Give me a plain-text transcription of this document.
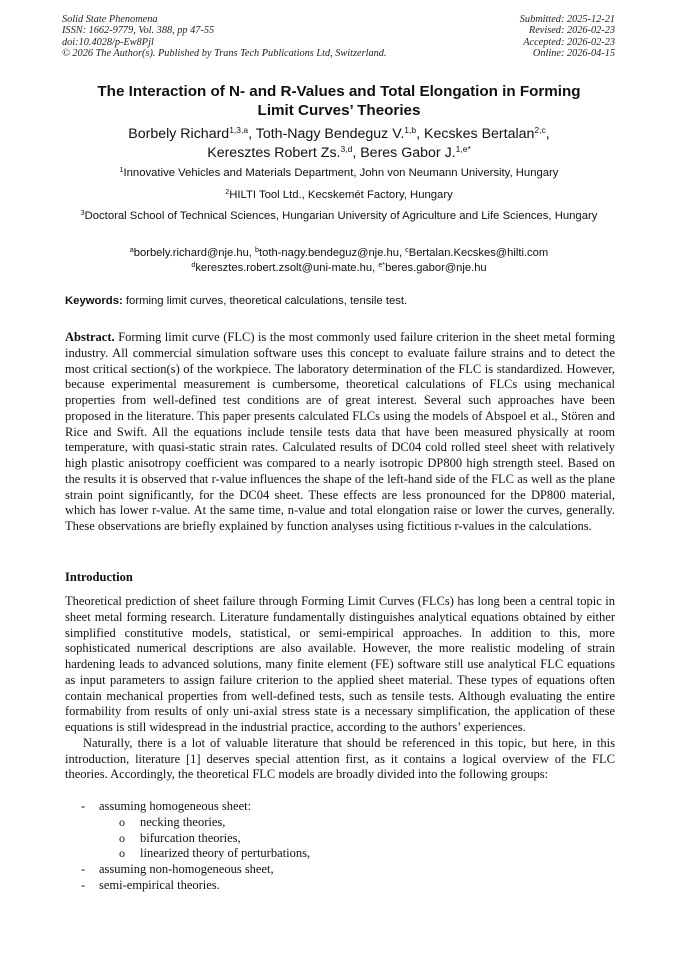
Solid State Phenomena
ISSN: 1662-9779, Vol. 388, pp 47-55
doi:10.4028/p-Ew8Pjl
© 2026 The Author(s). Published by Trans Tech Publications Ltd, Switzerland.
Submitted: 2025-12-21
Revised: 2026-02-23
Accepted: 2026-02-23
Online: 2026-04-15
The Interaction of N- and R-Values and Total Elongation in Forming
Limit Curves’ Theories
Borbely Richard$^{1,3,a}$, Toth-Nagy Bendeguz V.$^{1,b}$, Kecskes Bertalan$^{2,c}$,
Keresztes Robert Zs.$^{3,d}$, Beres Gabor J.$^{1,e*}$
$^1$Innovative Vehicles and Materials Department, John von Neumann University, Hungary
$^2$HILTI Tool Ltd., Kecskemét Factory, Hungary
$^3$Doctoral School of Technical Sciences, Hungarian University of Agriculture and Life Sciences, Hungary
$^a$borbely.richard@nje.hu, $^b$toth-nagy.bendeguz@nje.hu, $^c$Bertalan.Kecskes@hilti.com
$^d$keresztes.robert.zsolt@uni-mate.hu, $^{e*}$beres.gabor@nje.hu
Keywords: forming limit curves, theoretical calculations, tensile test.
Abstract. Forming limit curve (FLC) is the most commonly used failure criterion in the sheet metal forming industry. All commercial simulation software uses this concept to evaluate failure strains and to detect the most critical section(s) of the workpiece. The laboratory determination of the FLC is standardized. However, because experimental measurement is cumbersome, theoretical calculations of FLCs using mechanical properties from well-defined test conditions are of great interest. Several such approaches have been proposed in the literature. This paper presents calculated FLCs using the models of Abspoel et al., Stören and Rice and Swift. All the equations include tensile tests data that have been measured physically at room temperature, with quasi-static strain rates. Calculated results of DC04 cold rolled steel sheet with relatively high plastic anisotropy coefficient was compared to a nearly isotropic DP800 high strength steel. Based on the results it is observed that r-value influences the shape of the left-hand side of the FLC as well as the plane strain point significantly, for the DC04 sheet. These effects are less pronounced for the DP800 material, which has lower r-value. At the same time, n-value and total elongation raise or lower the curves, generally. These observations are briefly explained by function analyses using fictitious r-values in the calculations.
Introduction

Theoretical prediction of sheet failure through Forming Limit Curves (FLCs) has long been a central topic in sheet metal forming research. Literature fundamentally distinguishes analytical equations obtained by either simplified constitutive models, statistical, or semi-empirical approaches. In addition to this, more sophisticated numerical descriptions are also available. However, the more realistic modeling of strain hardening leads to advanced solutions, many finite element (FE) software still use analytical FLC equations as input parameters to assign failure criterion to the applied sheet material. These types of equations often contain mechanical properties from well-defined tests, such as tensile tests. Although evaluating the entire formability from results of only uni-axial stress state is a necessary simplification, the application of these equations is still widespread in the industrial practice, according to the authors’ experiences.

Naturally, there is a lot of valuable literature that should be referenced in this topic, but here, in this introduction, literature [1] deserves special attention first, as it contains a logical overview of the FLC theories. Accordingly, the theoretical FLC models are broadly divided into the following groups:

- assuming homogeneous sheet:
o necking theories,
o bifurcation theories,
o linearized theory of perturbations,
- assuming non-homogeneous sheet,
- semi-empirical theories.
